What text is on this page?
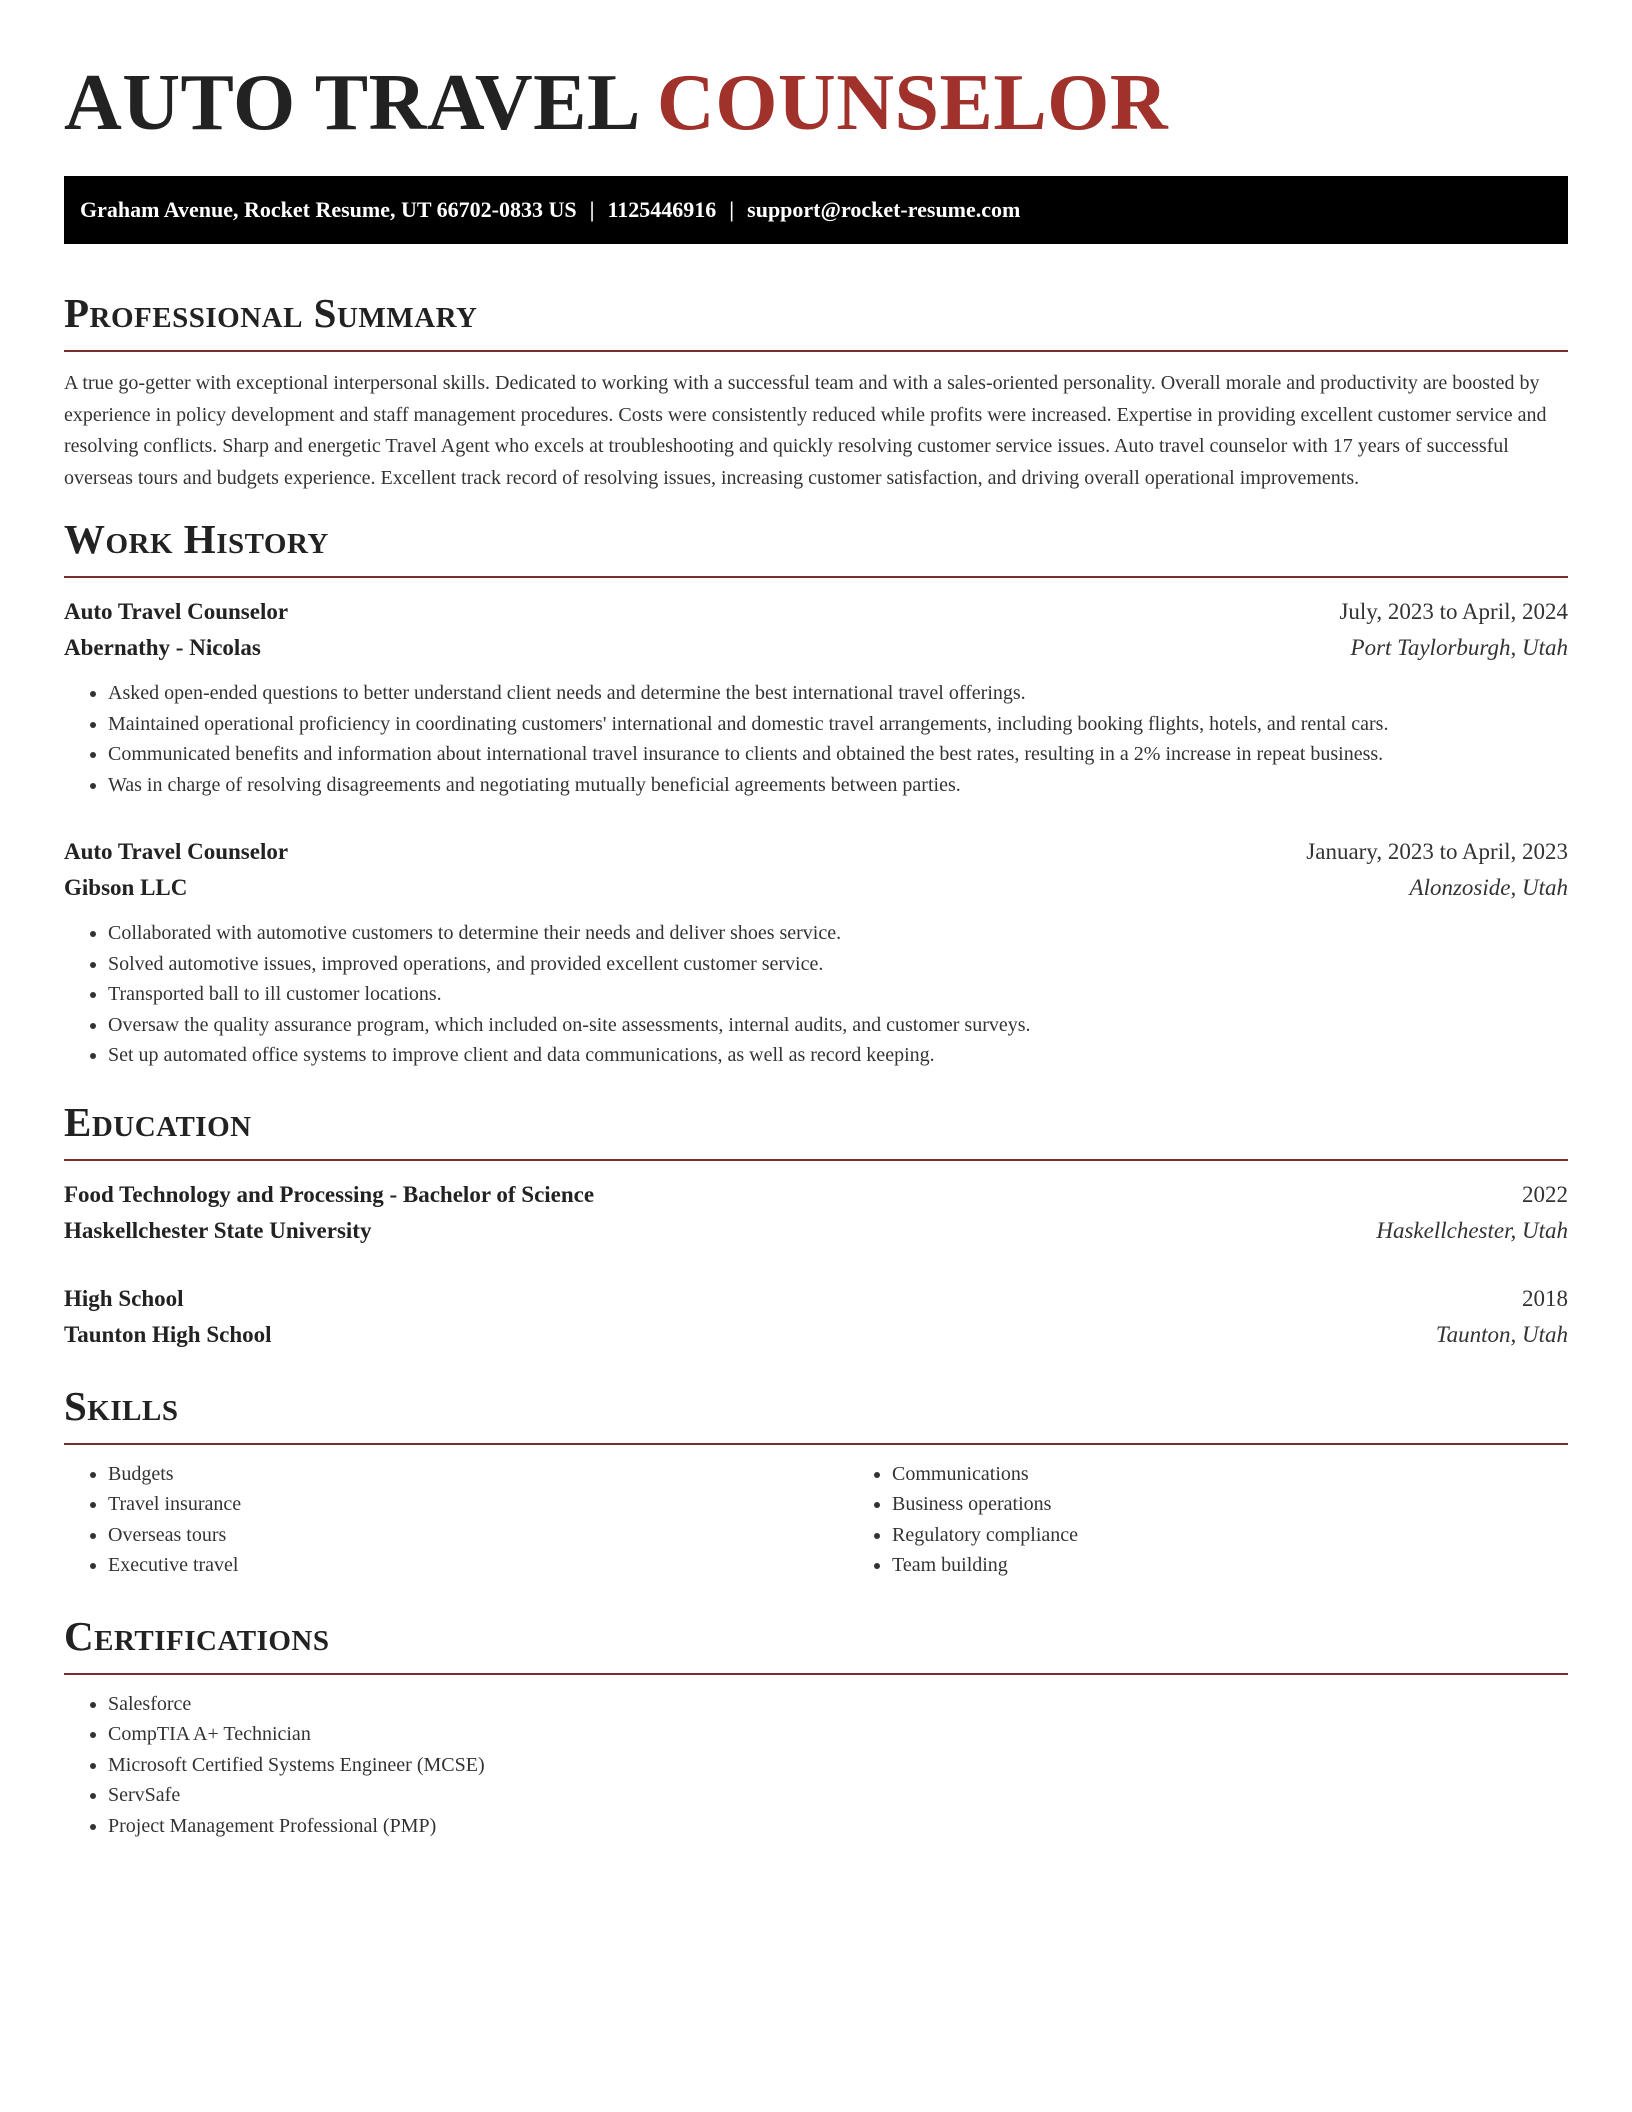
AUTO TRAVEL COUNSELOR
Graham Avenue, Rocket Resume, UT 66702-0833 US | 1125446916 | support@rocket-resume.com
Professional Summary

A true go-getter with exceptional interpersonal skills. Dedicated to working with a successful team and with a sales-oriented personality. Overall morale and productivity are boosted by experience in policy development and staff management procedures. Costs were consistently reduced while profits were increased. Expertise in providing excellent customer service and resolving conflicts. Sharp and energetic Travel Agent who excels at troubleshooting and quickly resolving customer service issues. Auto travel counselor with 17 years of successful overseas tours and budgets experience. Excellent track record of resolving issues, increasing customer satisfaction, and driving overall operational improvements.

Work History
Auto Travel Counselor	July, 2023 to April, 2024
Abernathy - Nicolas	Port Taylorburgh, Utah
• Asked open-ended questions to better understand client needs and determine the best international travel offerings.
• Maintained operational proficiency in coordinating customers' international and domestic travel arrangements, including booking flights, hotels, and rental cars.
• Communicated benefits and information about international travel insurance to clients and obtained the best rates, resulting in a 2% increase in repeat business.
• Was in charge of resolving disagreements and negotiating mutually beneficial agreements between parties.
Auto Travel Counselor	January, 2023 to April, 2023
Gibson LLC	Alonzoside, Utah
• Collaborated with automotive customers to determine their needs and deliver shoes service.
• Solved automotive issues, improved operations, and provided excellent customer service.
• Transported ball to ill customer locations.
• Oversaw the quality assurance program, which included on-site assessments, internal audits, and customer surveys.
• Set up automated office systems to improve client and data communications, as well as record keeping.
Education
Food Technology and Processing - Bachelor of Science	2022
Haskellchester State University	Haskellchester, Utah
High School	2018
Taunton High School	Taunton, Utah
Skills
• Budgets
• Travel insurance
• Overseas tours
• Executive travel
• Communications
• Business operations
• Regulatory compliance
• Team building
Certifications
• Salesforce
• CompTIA A+ Technician
• Microsoft Certified Systems Engineer (MCSE)
• ServSafe
• Project Management Professional (PMP)
